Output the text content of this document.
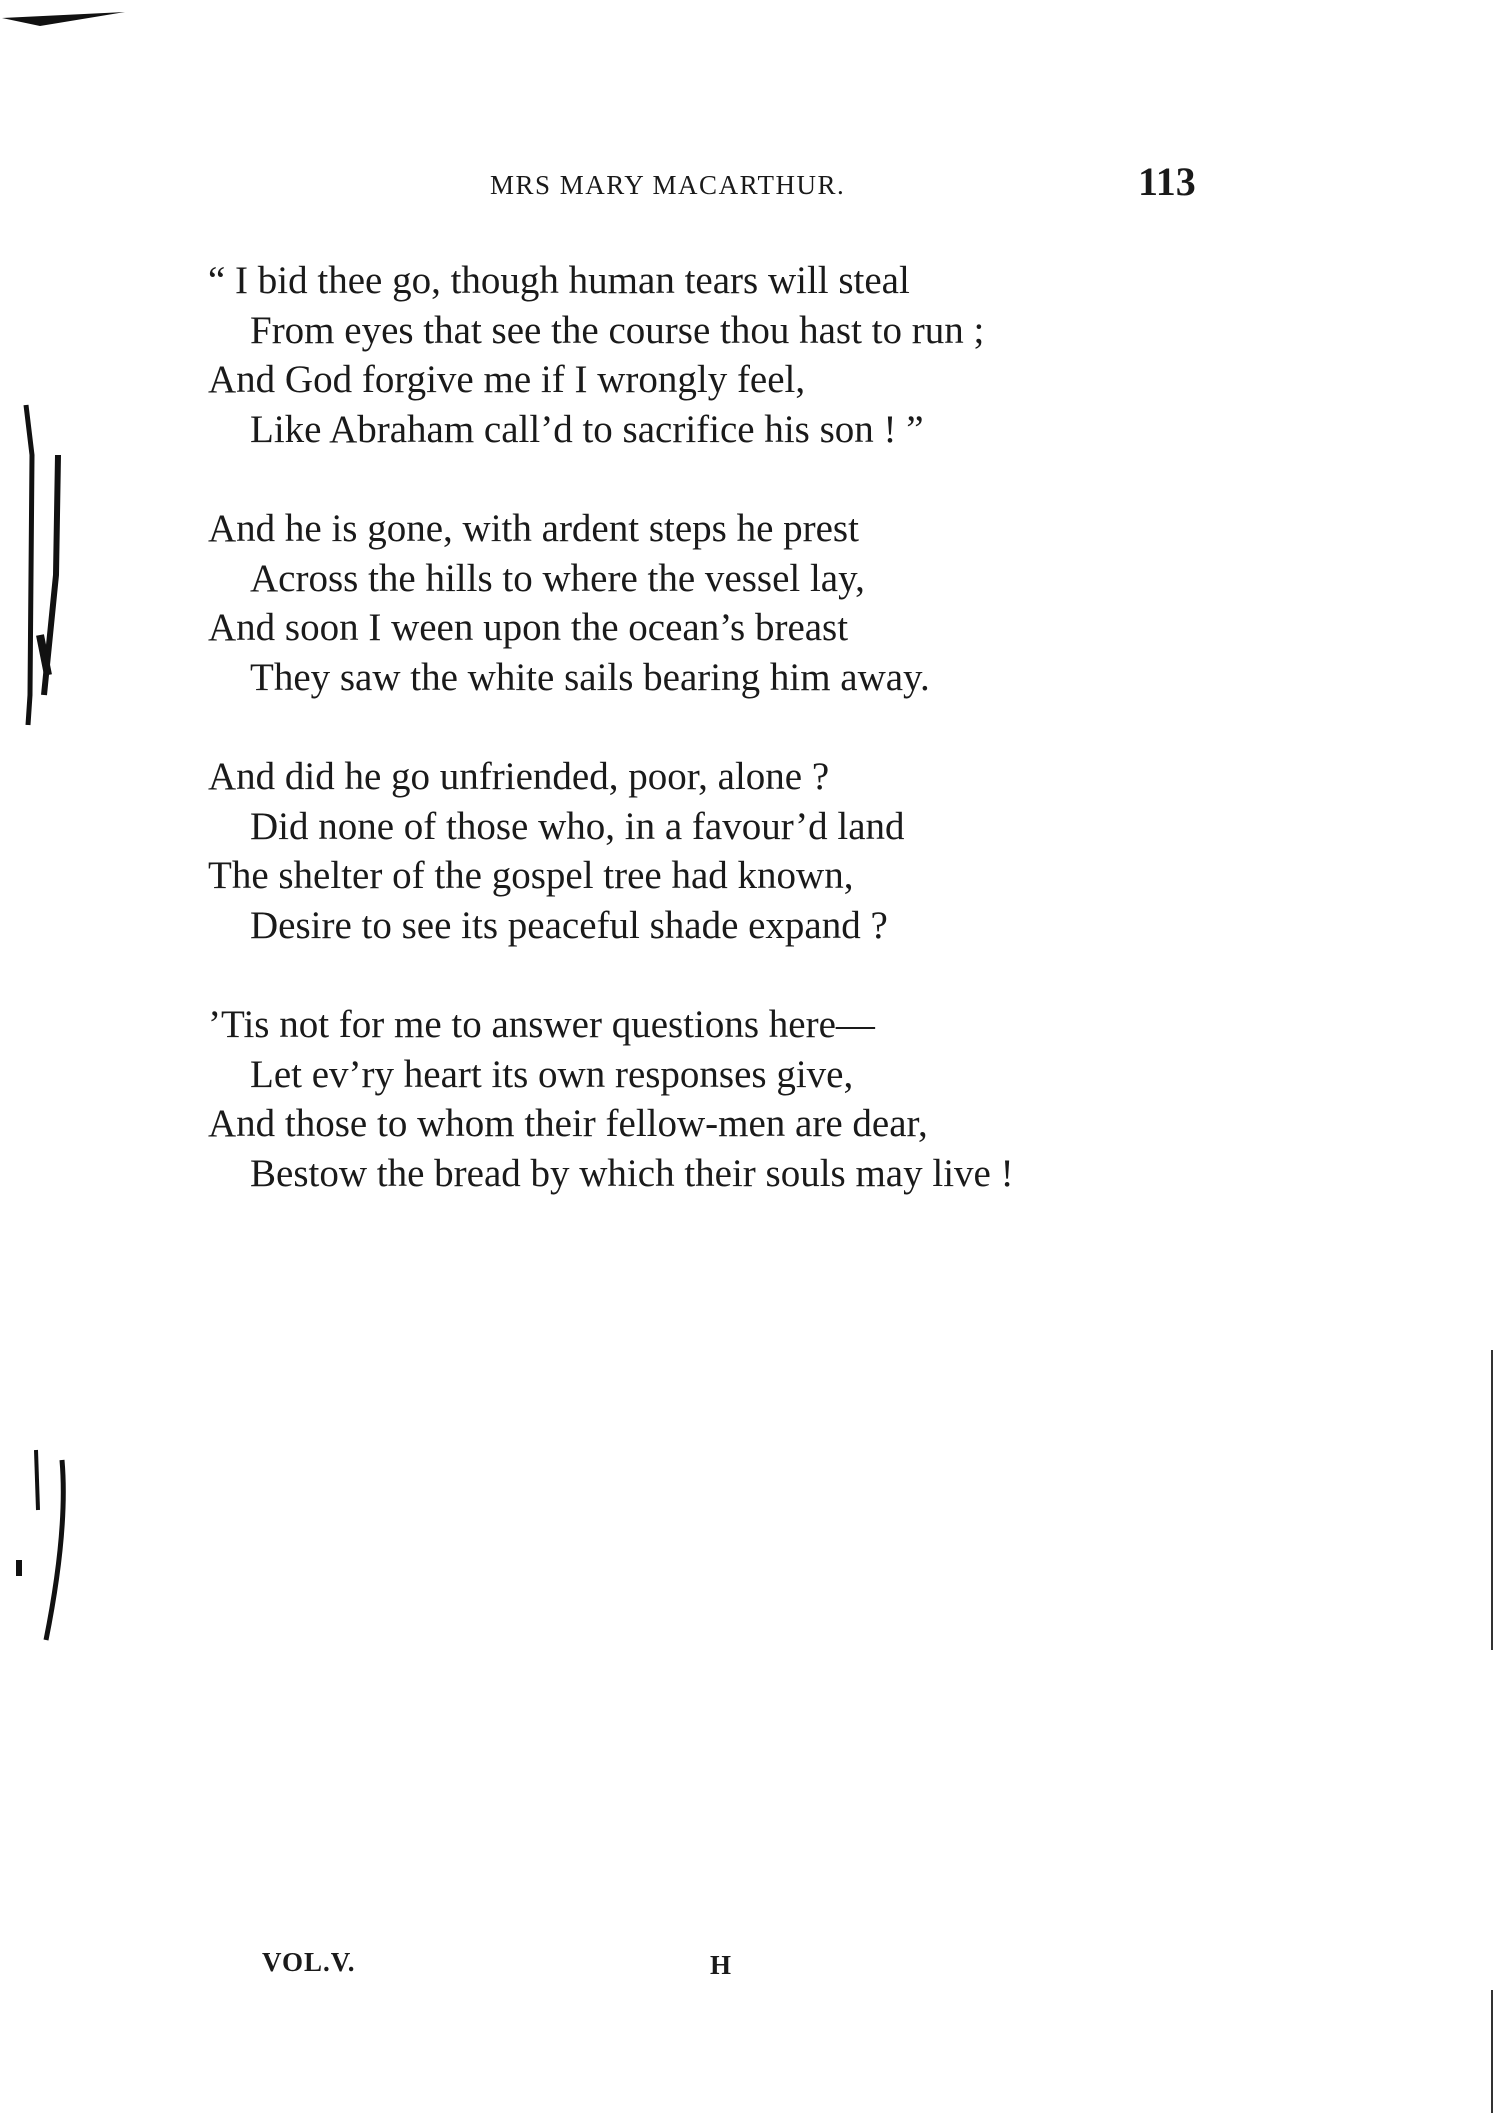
MRS MARY MACARTHUR.	113
“ I bid thee go, though human tears will steal
From eyes that see the course thou hast to run ;
And God forgive me if I wrongly feel,
Like Abraham call’d to sacrifice his son ! ”
And he is gone, with ardent steps he prest
Across the hills to where the vessel lay,
And soon I ween upon the ocean’s breast
They saw the white sails bearing him away.
And did he go unfriended, poor, alone ?
Did none of those who, in a favour’d land
The shelter of the gospel tree had known,
Desire to see its peaceful shade expand ?
’Tis not for me to answer questions here—
Let ev’ry heart its own responses give,
And those to whom their fellow-men are dear,
Bestow the bread by which their souls may live !
VOL.V.	H
